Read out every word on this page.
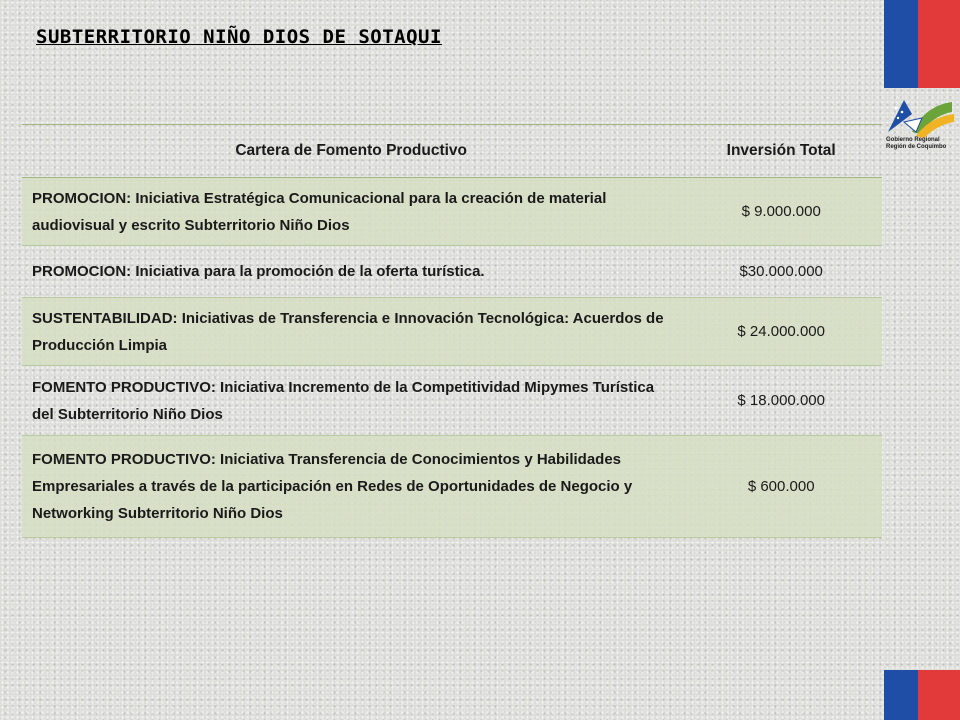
SUBTERRITORIO NIÑO DIOS DE SOTAQUI
Gobierno Regional
Región de Coquimbo
Cartera de Fomento Productivo	Inversión Total
PROMOCION: Iniciativa Estratégica Comunicacional para la creación de material audiovisual y escrito Subterritorio Niño Dios	$ 9.000.000
PROMOCION: Iniciativa para la promoción de la oferta turística.	$30.000.000
SUSTENTABILIDAD: Iniciativas de Transferencia e Innovación Tecnológica: Acuerdos de Producción Limpia	$ 24.000.000
FOMENTO PRODUCTIVO: Iniciativa Incremento de la Competitividad Mipymes Turística del Subterritorio Niño Dios	$ 18.000.000
FOMENTO PRODUCTIVO: Iniciativa Transferencia de Conocimientos y Habilidades Empresariales a través de la participación en Redes de Oportunidades de Negocio y Networking Subterritorio Niño Dios	$ 600.000
